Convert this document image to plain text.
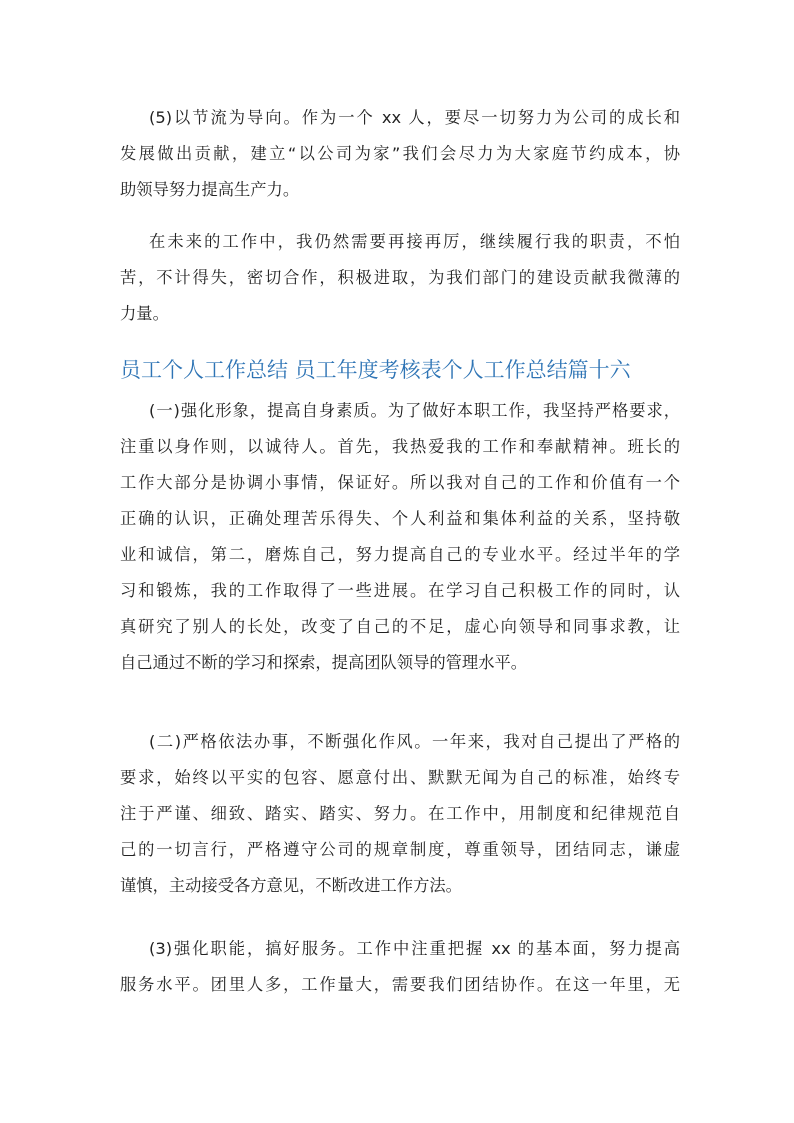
(5)以节流为导向。作为一个 xx 人，要尽一切努力为公司的成长和
发展做出贡献，建立“以公司为家”我们会尽力为大家庭节约成本，协
助领导努力提高生产力。
在未来的工作中，我仍然需要再接再厉，继续履行我的职责，不怕
苦，不计得失，密切合作，积极进取，为我们部门的建设贡献我微薄的
力量。
员工个人工作总结 员工年度考核表个人工作总结篇十六
(一)强化形象，提高自身素质。为了做好本职工作，我坚持严格要求，
注重以身作则，以诚待人。首先，我热爱我的工作和奉献精神。班长的
工作大部分是协调小事情，保证好。所以我对自己的工作和价值有一个
正确的认识，正确处理苦乐得失、个人利益和集体利益的关系，坚持敬
业和诚信，第二，磨炼自己，努力提高自己的专业水平。经过半年的学
习和锻炼，我的工作取得了一些进展。在学习自己积极工作的同时，认
真研究了别人的长处，改变了自己的不足，虚心向领导和同事求教，让
自己通过不断的学习和探索，提高团队领导的管理水平。
(二)严格依法办事，不断强化作风。一年来，我对自己提出了严格的
要求，始终以平实的包容、愿意付出、默默无闻为自己的标准，始终专
注于严谨、细致、踏实、踏实、努力。在工作中，用制度和纪律规范自
己的一切言行，严格遵守公司的规章制度，尊重领导，团结同志，谦虚
谨慎，主动接受各方意见，不断改进工作方法。
(3)强化职能，搞好服务。工作中注重把握 xx 的基本面，努力提高
服务水平。团里人多，工作量大，需要我们团结协作。在这一年里，无
